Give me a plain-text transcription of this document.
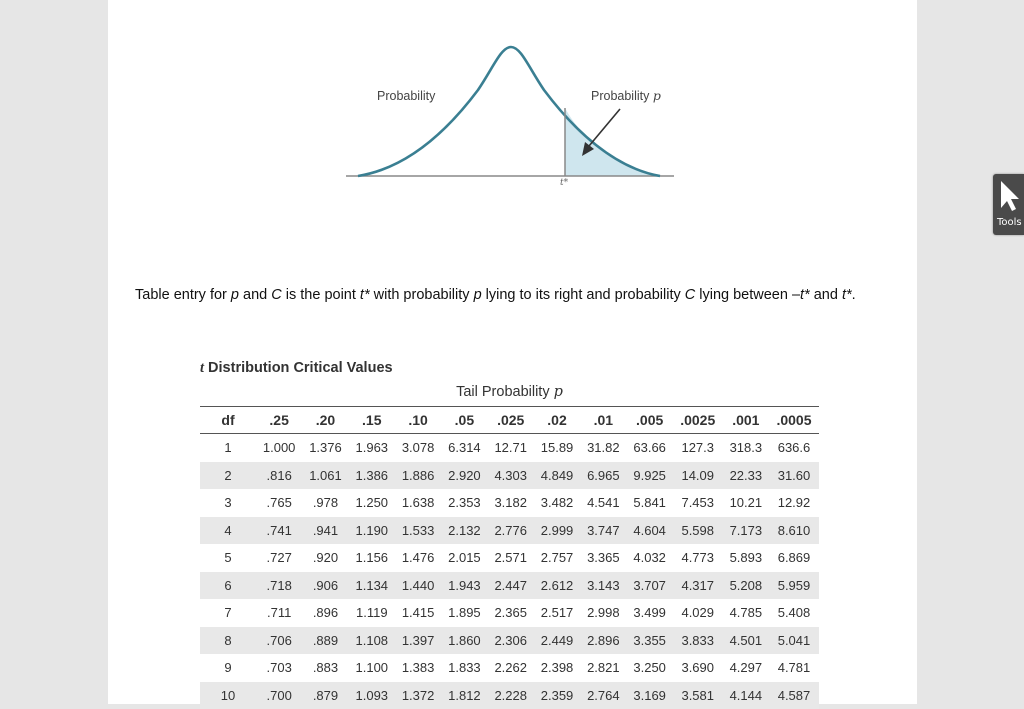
Probability	Probability p
t*
Table entry for p and C is the point t* with probability p lying to its right and probability C lying between –t* and t*.
t Distribution Critical Values
Tail Probability p
df	.25	.20	.15	.10	.05	.025	.02	.01	.005	.0025	.001	.0005
1	1.000	1.376	1.963	3.078	6.314	12.71	15.89	31.82	63.66	127.3	318.3	636.6
2	.816	1.061	1.386	1.886	2.920	4.303	4.849	6.965	9.925	14.09	22.33	31.60
3	.765	.978	1.250	1.638	2.353	3.182	3.482	4.541	5.841	7.453	10.21	12.92
4	.741	.941	1.190	1.533	2.132	2.776	2.999	3.747	4.604	5.598	7.173	8.610
5	.727	.920	1.156	1.476	2.015	2.571	2.757	3.365	4.032	4.773	5.893	6.869
6	.718	.906	1.134	1.440	1.943	2.447	2.612	3.143	3.707	4.317	5.208	5.959
7	.711	.896	1.119	1.415	1.895	2.365	2.517	2.998	3.499	4.029	4.785	5.408
8	.706	.889	1.108	1.397	1.860	2.306	2.449	2.896	3.355	3.833	4.501	5.041
9	.703	.883	1.100	1.383	1.833	2.262	2.398	2.821	3.250	3.690	4.297	4.781
10	.700	.879	1.093	1.372	1.812	2.228	2.359	2.764	3.169	3.581	4.144	4.587
Tools
